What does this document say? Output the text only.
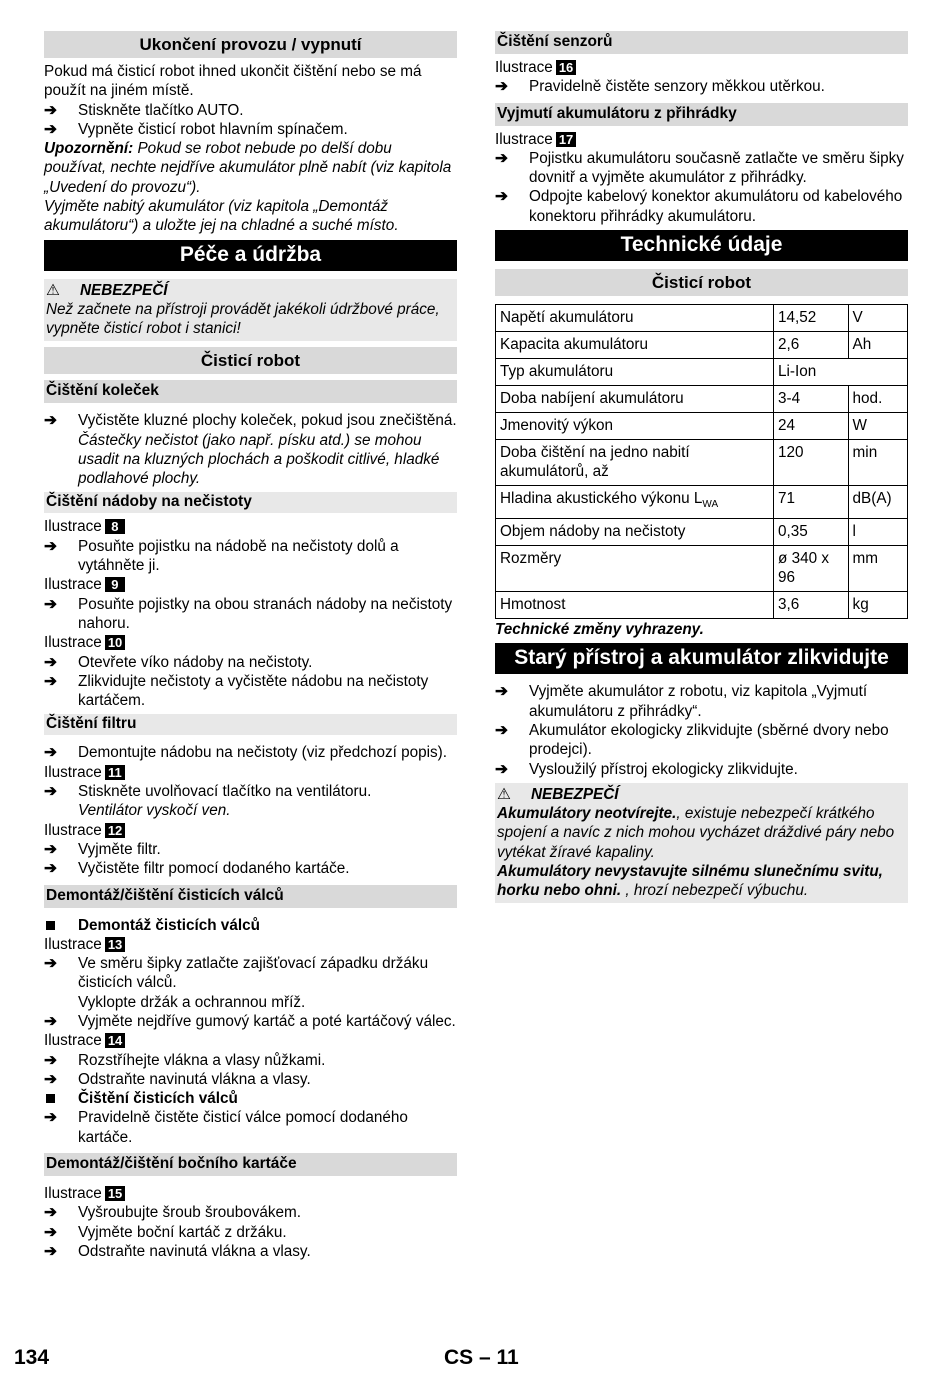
Ukončení provozu / vypnutí

Pokud má čisticí robot ihned ukončit čištění nebo se má použít na jiném místě.

➔	Stiskněte tlačítko AUTO.
➔	Vypněte čisticí robot hlavním spínačem.

Upozornění: Pokud se robot nebude po delší dobu používat, nechte nejdříve akumulátor plně nabít (viz kapitola „Uvedení do provozu“).

Vyjměte nabitý akumulátor (viz kapitola „Demontáž akumulátoru“) a uložte jej na chladné a suché místo.

Péče a údržba
⚠ NEBEZPEČÍ

Než začnete na přístroji provádět jakékoli údržbové práce, vypněte čisticí robot i stanici!

Čisticí robot
Čištění koleček
➔	Vyčistěte kluzné plochy koleček, pokud jsou znečištěná.

Částečky nečistot (jako např. písku atd.) se mohou usadit na kluzných plochách a poškodit citlivé, hladké podlahové plochy.

Čištění nádoby na nečistoty
Ilustrace 8
➔	Posuňte pojistku na nádobě na nečistoty dolů a vytáhněte ji.
Ilustrace 9
➔	Posuňte pojistky na obou stranách nádoby na nečistoty nahoru.
Ilustrace 10
➔	Otevřete víko nádoby na nečistoty.
➔	Zlikvidujte nečistoty a vyčistěte nádobu na nečistoty kartáčem.
Čištění filtru
➔	Demontujte nádobu na nečistoty (viz předchozí popis).
Ilustrace 11
➔	Stiskněte uvolňovací tlačítko na ventilátoru.

Ventilátor vyskočí ven.

Ilustrace 12
➔	Vyjměte filtr.
➔	Vyčistěte filtr pomocí dodaného kartáče.
Demontáž/čištění čisticích válců
Demontáž čisticích válců
Ilustrace 13
➔	Ve směru šipky zatlačte zajišťovací západku držáku čisticích válců.

Vyklopte držák a ochrannou mříž.

➔	Vyjměte nejdříve gumový kartáč a poté kartáčový válec.
Ilustrace 14
➔	Rozstříhejte vlákna a vlasy nůžkami.
➔	Odstraňte navinutá vlákna a vlasy.
Čištění čisticích válců
➔	Pravidelně čistěte čisticí válce pomocí dodaného kartáče.
Demontáž/čištění bočního kartáče
Ilustrace 15
➔	Vyšroubujte šroub šroubovákem.
➔	Vyjměte boční kartáč z držáku.
➔	Odstraňte navinutá vlákna a vlasy.
Čištění senzorů
Ilustrace 16
➔	Pravidelně čistěte senzory měkkou utěrkou.
Vyjmutí akumulátoru z přihrádky
Ilustrace 17
➔	Pojistku akumulátoru současně zatlačte ve směru šipky dovnitř a vyjměte akumulátor z přihrádky.
➔	Odpojte kabelový konektor akumulátoru od kabelového konektoru přihrádky akumulátoru.
Technické údaje
Čisticí robot
Napětí akumulátoru	14,52	V
Kapacita akumulátoru	2,6	Ah
Typ akumulátoru	Li-Ion	
Doba nabíjení akumulátoru	3-4	hod.
Jmenovitý výkon	24	W
Doba čištění na jedno nabití akumulátorů, až	120	min
Hladina akustického výkonu $L_{WA}$	71	dB(A)
Objem nádoby na nečistoty	0,35	l
Rozměry	ø 340 x 96	mm
Hmotnost	3,6	kg

Technické změny vyhrazeny.

Starý přístroj a akumulátor zlikvidujte
➔	Vyjměte akumulátor z robotu, viz kapitola „Vyjmutí akumulátoru z přihrádky“.
➔	Akumulátor ekologicky zlikvidujte (sběrné dvory nebo prodejci).
➔	Vysloužilý přístroj ekologicky zlikvidujte.
⚠ NEBEZPEČÍ

Akumulátory neotvírejte., existuje nebezpečí krátkého spojení a navíc z nich mohou vycházet dráždivé páry nebo vytékat žíravé kapaliny.

Akumulátory nevystavujte silnému slunečnímu svitu, horku nebo ohni. , hrozí nebezpečí výbuchu.

134	CS – 11
